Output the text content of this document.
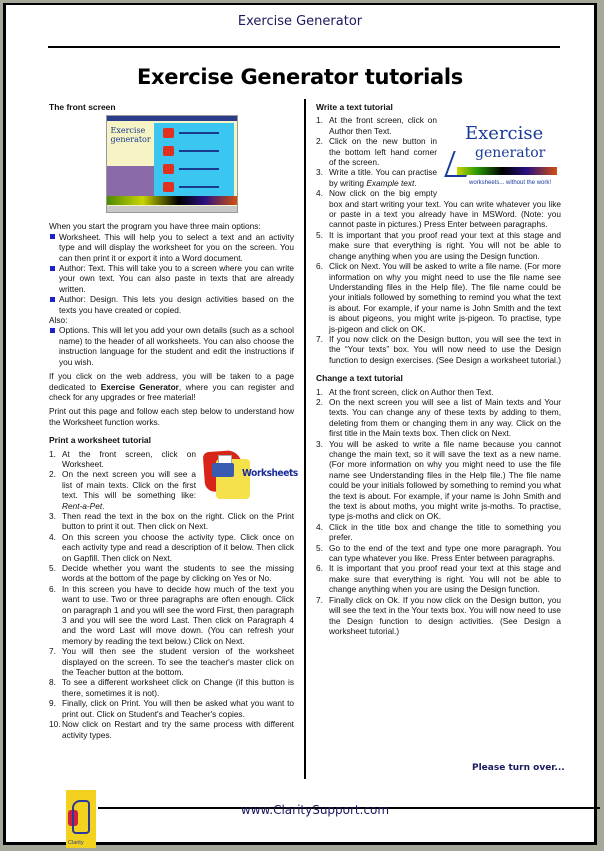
Exercise Generator
Exercise Generator tutorials
The front screen
Exercise
generator

When you start the program you have three main options:

Worksheet. This will help you to select a text and an activity type and will display the worksheet for you on the screen. You can then print it or export it into a Word document.
Author: Text. This will take you to a screen where you can write your own text. You can also paste in texts that are already written.
Author: Design. This lets you design activities based on the texts you have created or copied.
Also:
Options. This will let you add your own details (such as a school name) to the header of all worksheets. You can also choose the instruction language for the student and edit the instructions if you wish.

If you click on the web address, you will be taken to a page dedicated to Exercise Generator, where you can register and check for any upgrades or free material!

Print out this page and follow each step below to understand how the Worksheet function works.

Print a worksheet tutorial
Worksheets
1. At the front screen, click on Worksheet.
2. On the next screen you will see a list of main texts. Click on the first text. This will be something like: Rent-a-Pet.
3. Then read the text in the box on the right. Click on the Print button to print it out. Then click on Next.
4. On this screen you choose the activity type. Click once on each activity type and read a description of it below. Then click on Gapfill. Then click on Next.
5. Decide whether you want the students to see the missing words at the bottom of the page by clicking on Yes or No.
6. In this screen you have to decide how much of the text you want to use. Two or three paragraphs are often enough. Click on paragraph 1 and you will see the word First, then paragraph 3 and you will see the word Last. Then click on Paragraph 4 and the word Last will move down. (You can refresh your memory by reading the text below.) Click on Next.
7. You will then see the student version of the worksheet displayed on the screen. To see the teacher's master click on the Teacher button at the bottom.
8. To see a different worksheet click on Change (if this button is there, sometimes it is not).
9. Finally, click on Print. You will then be asked what you want to print out. Click on Student's and Teacher's copies.
10. Now click on Restart and try the same process with different activity types.
Write a text tutorial
Exercise
generator
worksheets... without the work!
1. At the front screen, click on Author then Text.
2. Click on the new button in the bottom left hand corner of the screen.
3. Write a title. You can practise by writing Example text.
4. Now click on the big empty box and start writing your text. You can write whatever you like or paste in a text you already have in MSWord. (Note: you cannot paste in pictures.) Press Enter between paragraphs.
5. It is important that you proof read your text at this stage and make sure that everything is right. You will not be able to change anything when you are using the Design function.
6. Click on Next. You will be asked to write a file name. (For more information on why you might need to use the file name see Understanding files in the Help file). The file name could be your initials followed by something to remind you what the text is about. For example, if your name is John Smith and the text is about pigeons, you might write js-pigeon. To practise, type js-pigeon and click on OK.
7. If you now click on the Design button, you will see the text in the “Your texts” box. You will now need to use the Design function to design exercises. (See Design a worksheet tutorial.)
Change a text tutorial
1. At the front screen, click on Author then Text.
2. On the next screen you will see a list of Main texts and Your texts. You can change any of these texts by adding to them, deleting from them or changing them in any way. Click on the first title in the Main texts box. Then click on Next.
3. You will be asked to write a file name because you cannot change the main text, so it will save the text as a new name. (For more information on why you might need to use the file name see Understanding files in the Help file.) The file name could be your initials followed by something to remind you what the text is about. For example, if your name is John Smith and the text is about moths, you might write js-moths. To practise, type js-moths and click on OK.
4. Click in the title box and change the title to something you prefer.
5. Go to the end of the text and type one more paragraph. You can type whatever you like. Press Enter between paragraphs.
6. It is important that you proof read your text at this stage and make sure that everything is right. You will not be able to change anything when you are using the Design function.
7. Finally click on Ok. If you now click on the Design button, you will see the text in the Your texts box. You will now need to use the Design function to design activities. (See Design a worksheet tutorial.)
Please turn over...
Clarity
www.ClaritySupport.com
